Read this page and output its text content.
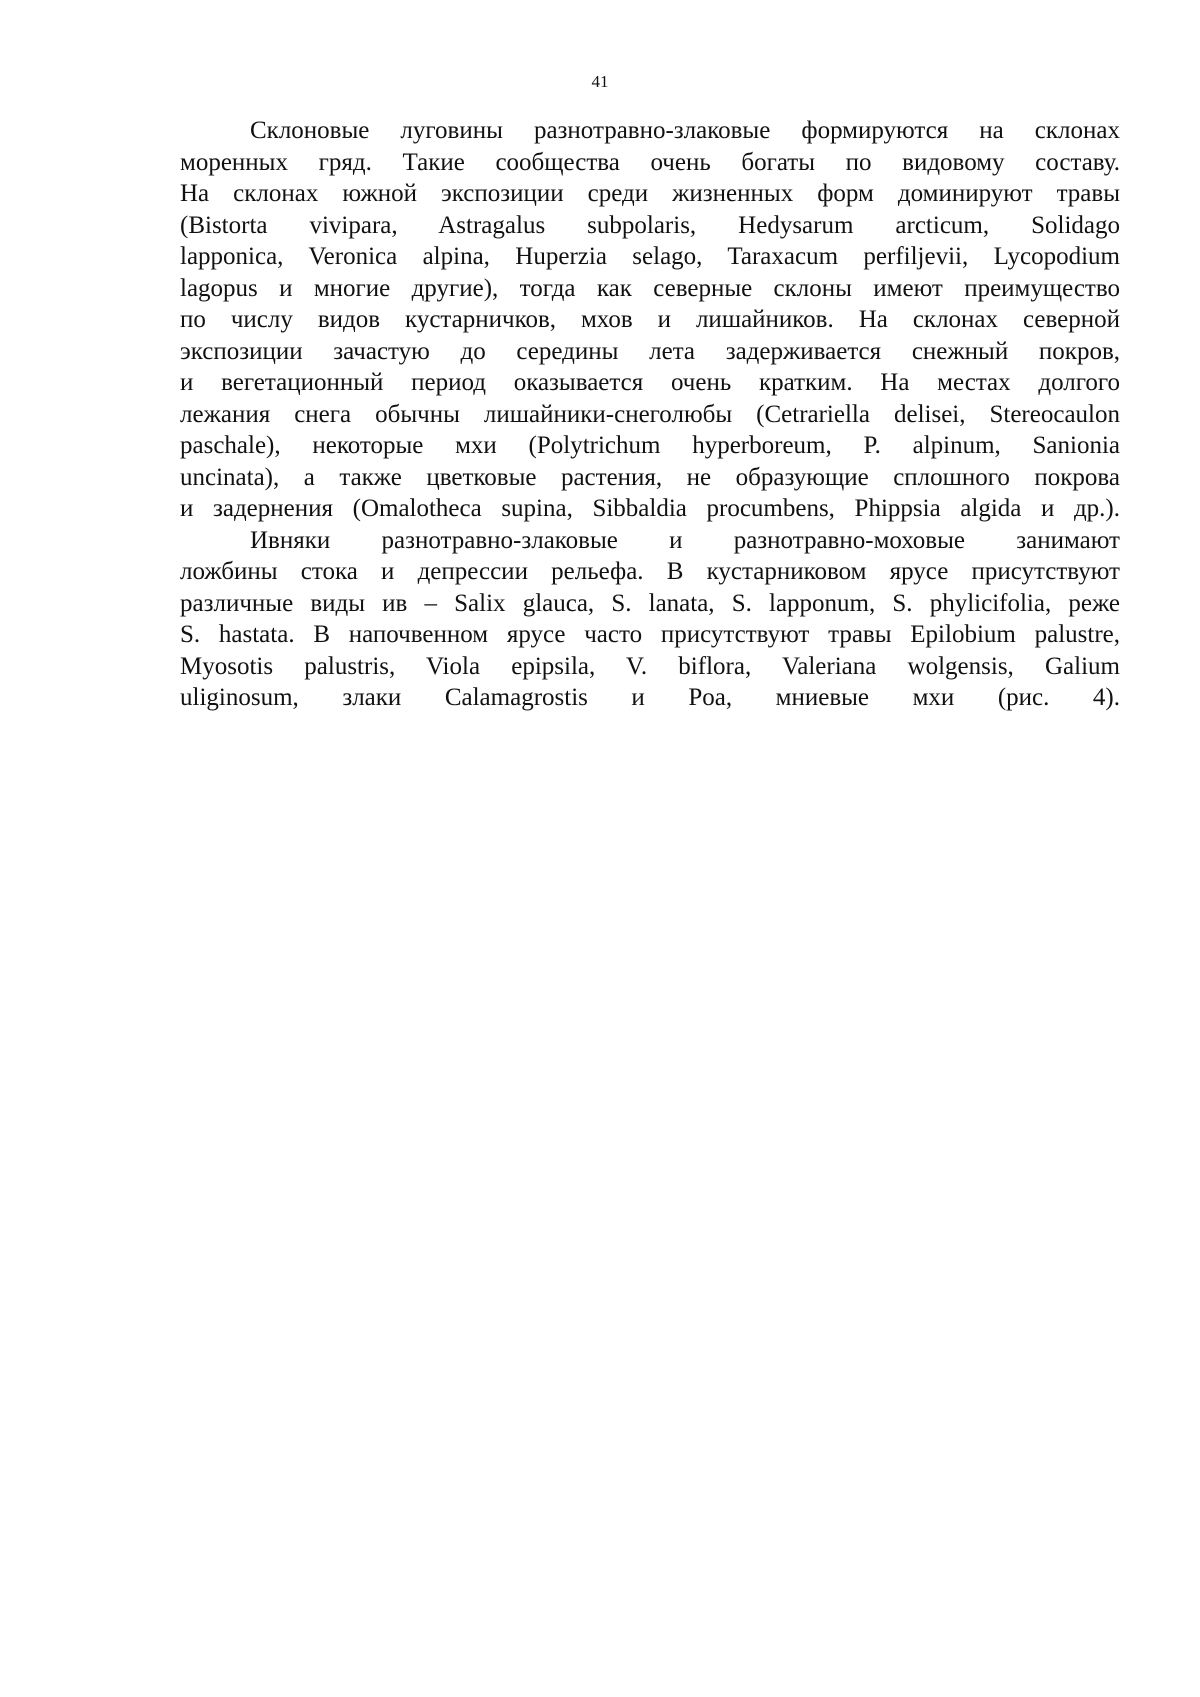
41

Склоновые луговины разнотравно-злаковые формируются на склонах
моренных гряд. Такие сообщества очень богаты по видовому составу.
На склонах южной экспозиции среди жизненных форм доминируют травы
(Bistorta vivipara, Astragalus subpolaris, Hedysarum arcticum, Solidago
lapponica, Veronica alpina, Huperzia selago, Taraxacum perfiljevii, Lycopodium
lagopus и многие другие), тогда как северные склоны имеют преимущество
по числу видов кустарничков, мхов и лишайников. На склонах северной
экспозиции зачастую до середины лета задерживается снежный покров,
и вегетационный период оказывается очень кратким. На местах долгого
лежания снега обычны лишайники-снеголюбы (Cetrariella delisei, Stereocaulon
paschale), некоторые мхи (Polytrichum hyperboreum, P. alpinum, Sanionia
uncinata), а также цветковые растения, не образующие сплошного покрова
и задернения (Omalotheca supina, Sibbaldia procumbens, Phippsia algida и др.).

Ивняки разнотравно-злаковые и разнотравно-моховые занимают
ложбины стока и депрессии рельефа. В кустарниковом ярусе присутствуют
различные виды ив – Salix glauca, S. lanata, S. lapponum, S. phylicifolia, реже
S. hastata. В напочвенном ярусе часто присутствуют травы Epilobium palustre,
Myosotis palustris, Viola epipsila, V. biflora, Valeriana wolgensis, Galium
uliginosum, злаки Calamagrostis и Poa, мниевые мхи (рис. 4).
